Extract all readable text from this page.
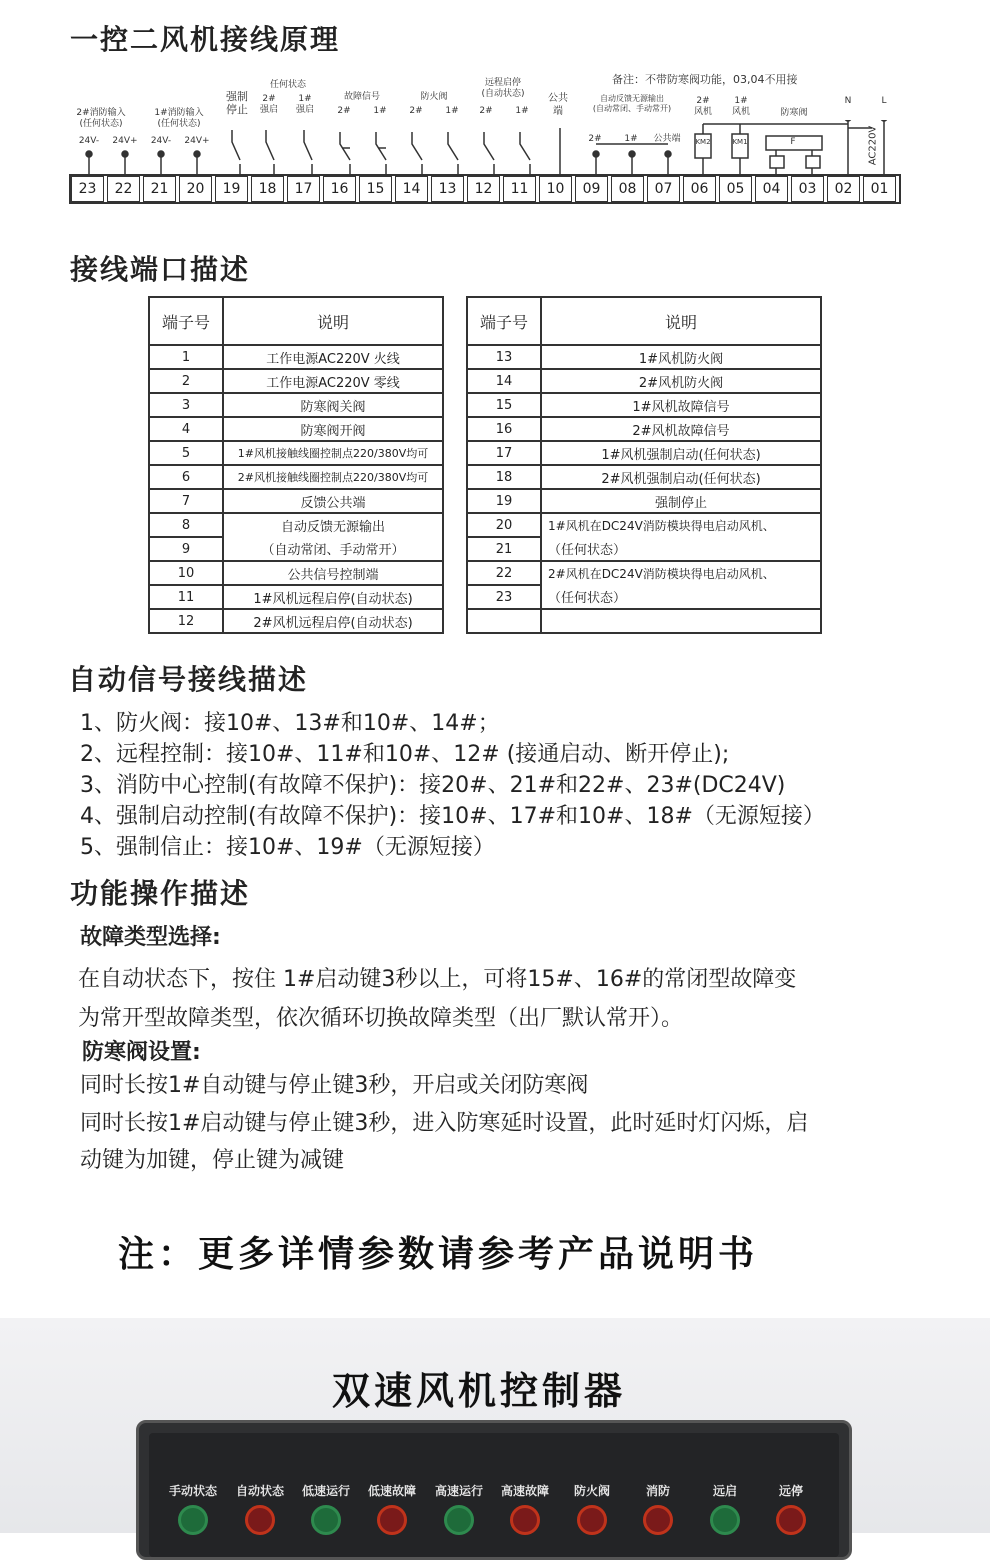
一控二风机接线原理
备注：不带防寒阀功能，03,04不用接
2#消防输入
(任何状态)
1#消防输入
(任何状态)
24V-	24V+	24V-	24V+
强制
停止
任何状态
2#
强启
1#
强启
故障信号
2#	1#
防火阀
2#	1#
远程启停
(自动状态)
2#	1#
公共
端
自动反馈无源输出
(自动常闭、手动常开)
2#	1#	公共端
2#
风机
1#
风机	防寒阀
N	L
KM2	KM1	F	AC220V
23	22	21	20	19	18	17	16	15	14	13	12	11	10	09	08	07	06	05	04	03	02	01
接线端口描述
端子号	说明
1	工作电源AC220V 火线
2	工作电源AC220V 零线
3	防寒阀关阀
4	防寒阀开阀
5	1#风机接触线圈控制点220/380V均可
6	2#风机接触线圈控制点220/380V均可
7	反馈公共端
8	自动反馈无源输出
9	（自动常闭、手动常开）
10	公共信号控制端
11	1#风机远程启停(自动状态)
12	2#风机远程启停(自动状态)
端子号	说明
13	1#风机防火阀
14	2#风机防火阀
15	1#风机故障信号
16	2#风机故障信号
17	1#风机强制启动(任何状态)
18	2#风机强制启动(任何状态)
19	强制停止
20	1#风机在DC24V消防模块得电启动风机、
21	（任何状态）
22	2#风机在DC24V消防模块得电启动风机、
23	（任何状态）

自动信号接线描述
1、防火阀：接10#、13#和10#、14#；
2、远程控制：接10#、11#和10#、12# (接通启动、断开停止);
3、消防中心控制(有故障不保护)：接20#、21#和22#、23#(DC24V)
4、强制启动控制(有故障不保护)：接10#、17#和10#、18#（无源短接）
5、强制信止：接10#、19#（无源短接）
功能操作描述
故障类型选择:
在自动状态下，按住 1#启动键3秒以上，可将15#、16#的常闭型故障变
为常开型故障类型，依次循环切换故障类型（出厂默认常开）。
防寒阀设置:
同时长按1#自动键与停止键3秒，开启或关闭防寒阀
同时长按1#启动键与停止键3秒，进入防寒延时设置，此时延时灯闪烁，启
动键为加键，停止键为减键
注：更多详情参数请参考产品说明书
双速风机控制器
手动状态	自动状态	低速运行	低速故障	高速运行	高速故障	防火阀	消防	远启	远停
